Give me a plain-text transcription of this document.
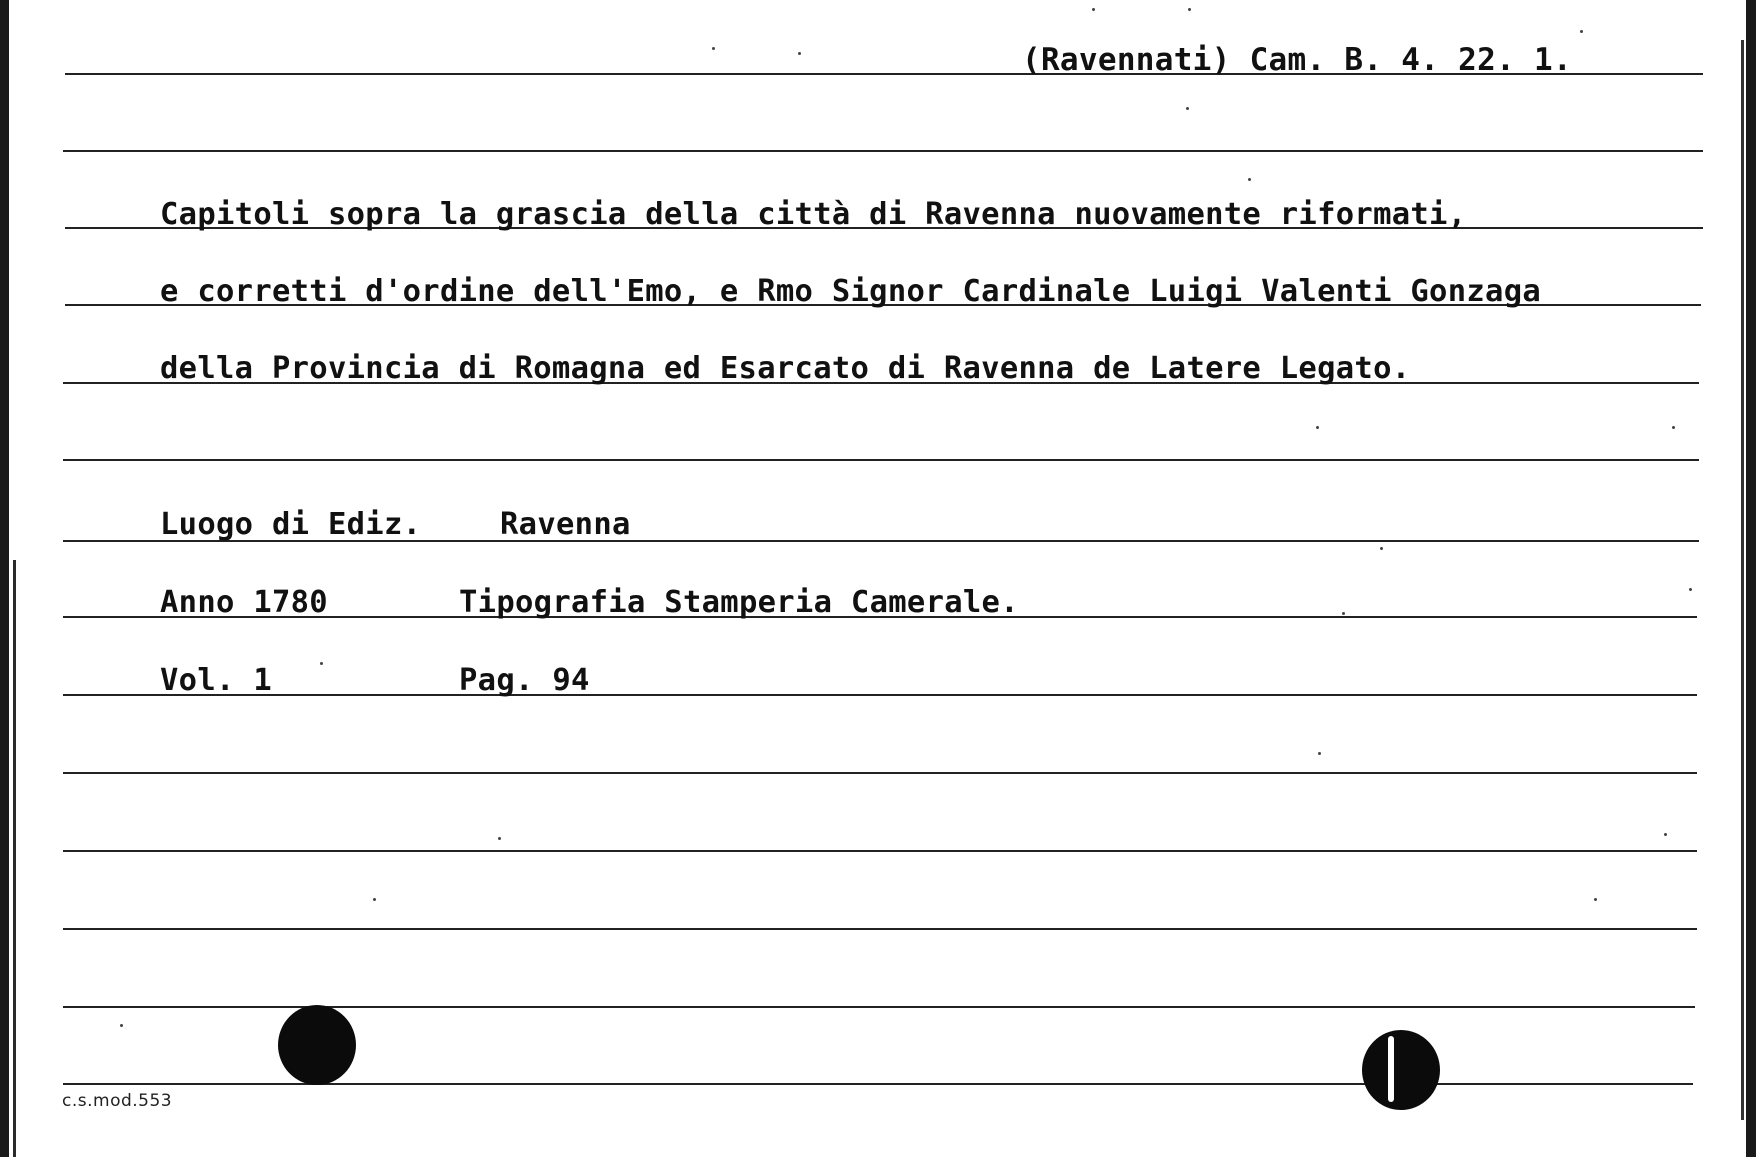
(Ravennati) Cam. B. 4. 22. 1.
Capitoli sopra la grascia della città di Ravenna nuovamente riformati,
e corretti d'ordine dell'Emo, e Rmo Signor Cardinale Luigi Valenti Gonzaga
della Provincia di Romagna ed Esarcato di Ravenna de Latere Legato.
Luogo di Ediz.	Ravenna
Anno 1780	Tipografia Stamperia Camerale.
Vol. 1	Pag. 94
c.s.mod.553
